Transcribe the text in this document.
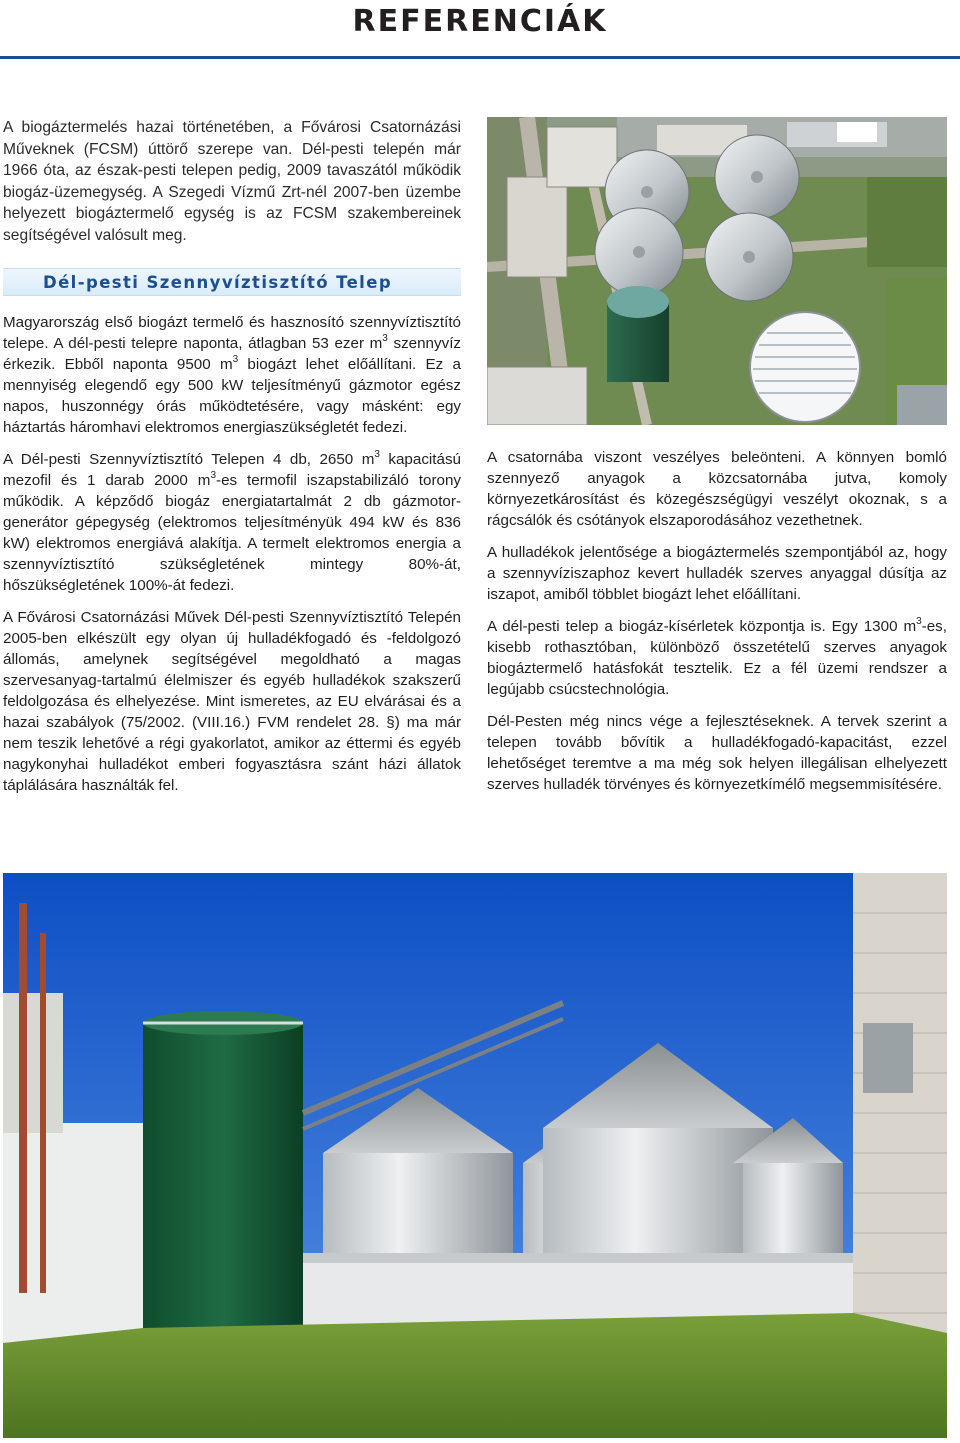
REFERENCIÁK

A biogáztermelés hazai történetében, a Fővárosi Csatornázási Műveknek (FCSM) úttörő szerepe van. Dél-pesti telepén már 1966 óta, az észak-pesti telepen pedig, 2009 tavaszától működik biogáz-üzemegység. A Szegedi Vízmű Zrt-nél 2007-ben üzembe helyezett biogáztermelő egység is az FCSM szakembereinek segítségével valósult meg.

Dél-pesti Szennyvíztisztító Telep

Magyarország első biogázt termelő és hasznosító szennyvíztisztító telepe. A dél-pesti telepre naponta, átlagban 53 ezer $m^3$ szennyvíz érkezik. Ebből naponta 9500 $m^3$ biogázt lehet előállítani. Ez a mennyiség elegendő egy 500 kW teljesítményű gázmotor egész napos, huszonnégy órás működtetésére, vagy másként: egy háztartás háromhavi elektromos energiaszükségletét fedezi.

A Dél-pesti Szennyvíztisztító Telepen 4 db, 2650 $m^3$ kapacitású mezofil és 1 darab 2000 $m^3-es$ termofil iszapstabilizáló torony működik. A képződő biogáz energiatartalmát 2 db gázmotor-generátor gépegység (elektromos teljesítményük 494 kW és 836 kW) elektromos energiává alakítja. A termelt elektromos energia a szennyvíztisztító szükségletének mintegy 80%-át, hőszükségletének 100%-át fedezi.

A Fővárosi Csatornázási Művek Dél-pesti Szennyvíztisztító Telepén 2005-ben elkészült egy olyan új hulladékfogadó és -feldolgozó állomás, amelynek segítségével megoldható a magas szervesanyag-tartalmú élelmiszer és egyéb hulladékok szakszerű feldolgozása és elhelyezése. Mint ismeretes, az EU elvárásai és a hazai szabályok (75/2002. (VIII.16.) FVM rendelet 28. §) ma már nem teszik lehetővé a régi gyakorlatot, amikor az éttermi és egyéb nagykonyhai hulladékot emberi fogyasztásra szánt házi állatok táplálására használták fel.

A csatornába viszont veszélyes beleönteni. A könnyen bomló szennyező anyagok a közcsatornába jutva, komoly környezetkárosítást és közegészségügyi veszélyt okoznak, s a rágcsálók és csótányok elszaporodásához vezethetnek.

A hulladékok jelentősége a biogáztermelés szempontjából az, hogy a szennyvíziszaphoz kevert hulladék szerves anyaggal dúsítja az iszapot, amiből többlet biogázt lehet előállítani.

A dél-pesti telep a biogáz-kísérletek központja is. Egy 1300 $m^3-es$, kisebb rothasztóban, különböző összetételű szerves anyagok biogáztermelő hatásfokát tesztelik. Ez a fél üzemi rendszer a legújabb csúcstechnológia.

Dél-Pesten még nincs vége a fejlesztéseknek. A tervek szerint a telepen tovább bővítik a hulladékfogadó-kapacitást, ezzel lehetőséget teremtve a ma még sok helyen illegálisan elhelyezett szerves hulladék törvényes és környezetkímélő megsemmisítésére.
